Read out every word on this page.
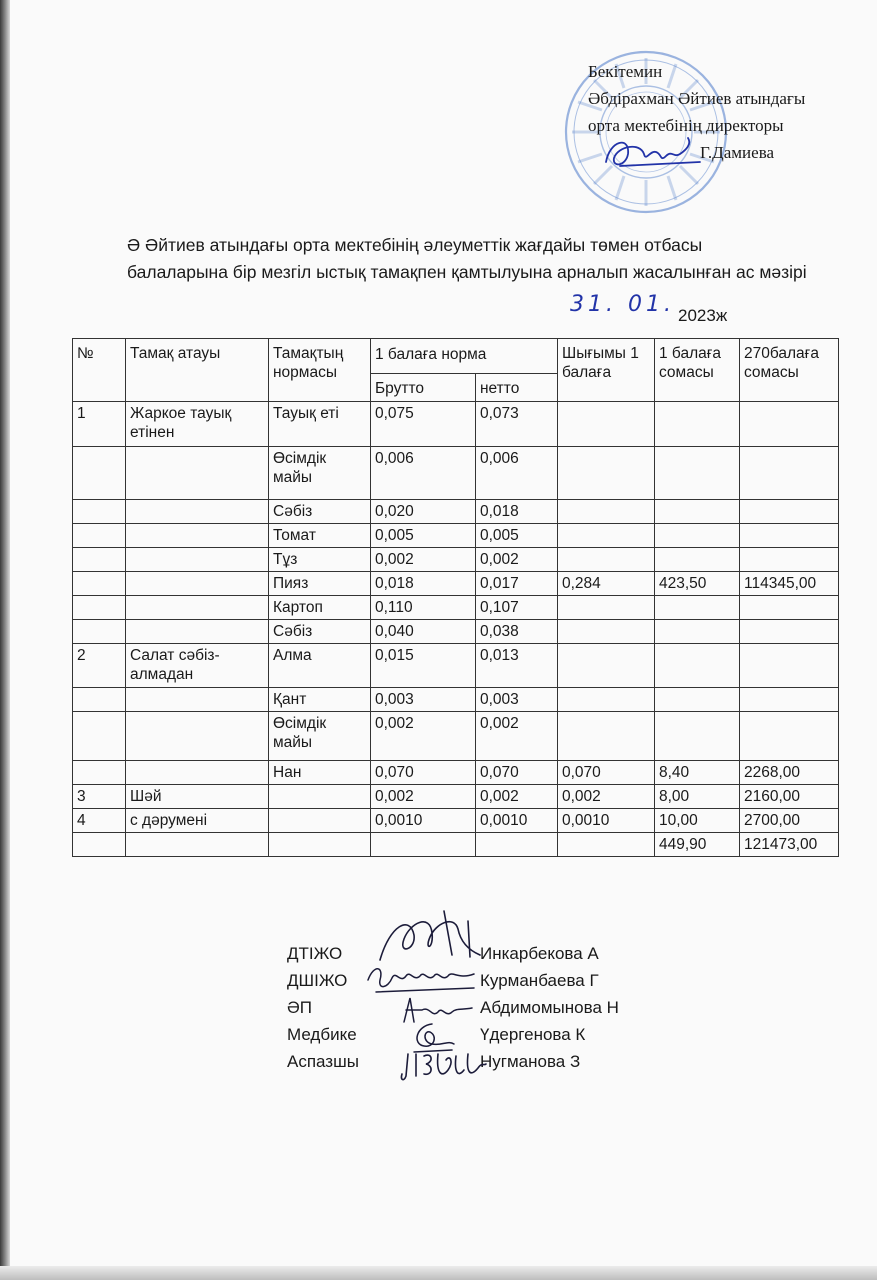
Бекітемин
Әбдірахман Әйтиев атындағы
орта мектебінің директоры
Г.Дамиева
Ә Әйтиев атындағы орта мектебінің әлеуметтік жағдайы төмен отбасы
балаларына бір мезгіл ыстық тамақпен қамтылуына арналып жасалынған ас мәзірі
31. 01. 2023ж
№	Тамақ атауы	Тамақтың нормасы	1 балаға норма		Шығымы 1 балаға	1 балаға сомасы	270балаға сомасы
			Брутто	нетто			
1	Жаркое тауық етінен	Тауық еті	0,075	0,073			
		Өсімдік майы	0,006	0,006			
		Сәбіз	0,020	0,018			
		Томат	0,005	0,005			
		Тұз	0,002	0,002			
		Пияз	0,018	0,017	0,284	423,50	114345,00
		Картоп	0,110	0,107			
		Сәбіз	0,040	0,038			
2	Салат сәбіз-алмадан	Алма	0,015	0,013			
		Қант	0,003	0,003			
		Өсімдік майы	0,002	0,002			
		Нан	0,070	0,070	0,070	8,40	2268,00
3	Шәй		0,002	0,002	0,002	8,00	2160,00
4	с дәрумені		0,0010	0,0010	0,0010	10,00	2700,00
						449,90	121473,00
ДТІЖО	Инкарбекова А
ДШІЖО	Курманбаева Г
ӘП	Абдимомынова Н
Медбике	Үдергенова К
Аспазшы	Нугманова З
